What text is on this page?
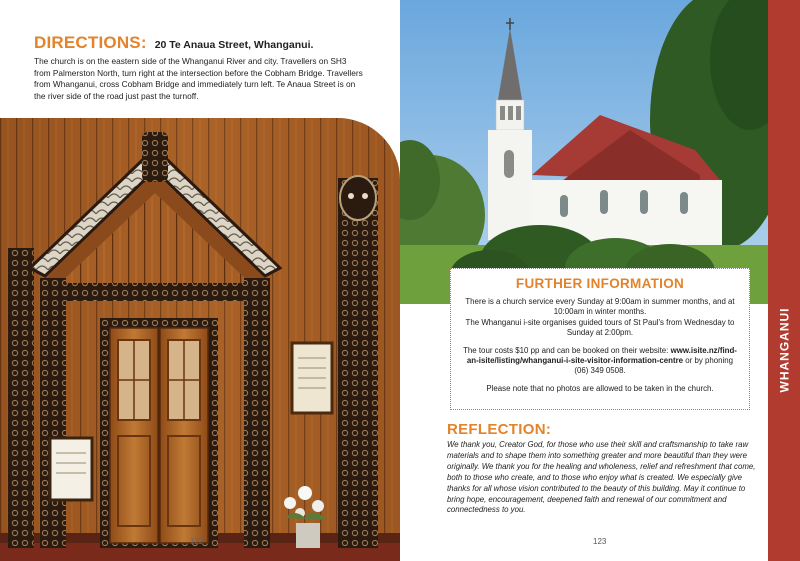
DIRECTIONS: 20 Te Anaua Street, Whanganui.
The church is on the eastern side of the Whanganui River and city. Travellers on SH3 from Palmerston North, turn right at the intersection before the Cobham Bridge. Travellers from Whanganui, cross Cobham Bridge and immediately turn left. Te Anaua Street is on the river side of the road just past the turnoff.
122
WHANGANUI
FURTHER INFORMATION

There is a church service every Sunday at 9:00am in summer months, and at 10:00am in winter months.
The Whanganui i-site organises guided tours of St Paul's from Wednesday to Sunday at 2:00pm.

The tour costs $10 pp and can be booked on their website: www.isite.nz/find-an-isite/listing/whanganui-i-site-visitor-information-centre or by phoning (06) 349 0508.

Please note that no photos are allowed to be taken in the church.

REFLECTION:
We thank you, Creator God, for those who use their skill and craftsmanship to take raw materials and to shape them into something greater and more beautiful than they were originally. We thank you for the healing and wholeness, relief and refreshment that come, both to those who create, and to those who enjoy what is created. We especially give thanks for all whose vision contributed to the beauty of this building. May it continue to bring hope, encouragement, deepened faith and renewal of our commitment and connectedness to you.
123
